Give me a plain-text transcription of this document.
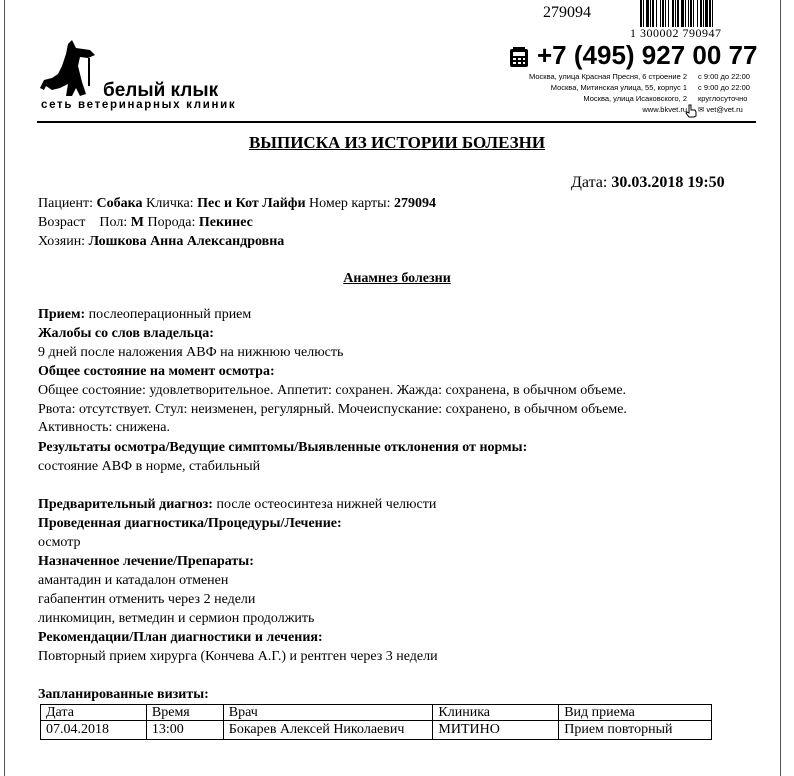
279094
1 300002 790947
белый клык
сеть ветеринарных клиник
+7 (495) 927 00 77
Москва, улица Красная Пресня, 6 строение 2
Москва, Митинская улица, 55, корпус 1
Москва, улица Исаковского, 2
www.bkvet.ru
с 9:00 до 22:00
с 9:00 до 22:00
круглосуточно
✉ vet@vet.ru
ВЫПИСКА ИЗ ИСТОРИИ БОЛЕЗНИ
Дата: 30.03.2018 19:50
Пациент: Собака Кличка: Пес и Кот Лайфи Номер карты: 279094
Возраст Пол: М Порода: Пекинес
Хозяин: Лошкова Анна Александровна
Анамнез болезни
Прием: послеоперационный прием
Жалобы со слов владельца:
9 дней после наложения АВФ на нижнюю челюсть
Общее состояние на момент осмотра:
Общее состояние: удовлетворительное. Аппетит: сохранен. Жажда: сохранена, в обычном объеме.
Рвота: отсутствует. Стул: неизменен, регулярный. Мочеиспускание: сохранено, в обычном объеме.
Активность: снижена.
Результаты осмотра/Ведущие симптомы/Выявленные отклонения от нормы:
состояние АВФ в норме, стабильный
Предварительный диагноз: после остеосинтеза нижней челюсти
Проведенная диагностика/Процедуры/Лечение:
осмотр
Назначенное лечение/Препараты:
амантадин и катадалон отменен
габапентин отменить через 2 недели
линкомицин, ветмедин и сермион продолжить
Рекомендации/План диагностики и лечения:
Повторный прием хирурга (Кончева А.Г.) и рентген через 3 недели
Запланированные визиты:
Дата	Время	Врач	Клиника	Вид приема
07.04.2018	13:00	Бокарев Алексей Николаевич	МИТИНО	Прием повторный
